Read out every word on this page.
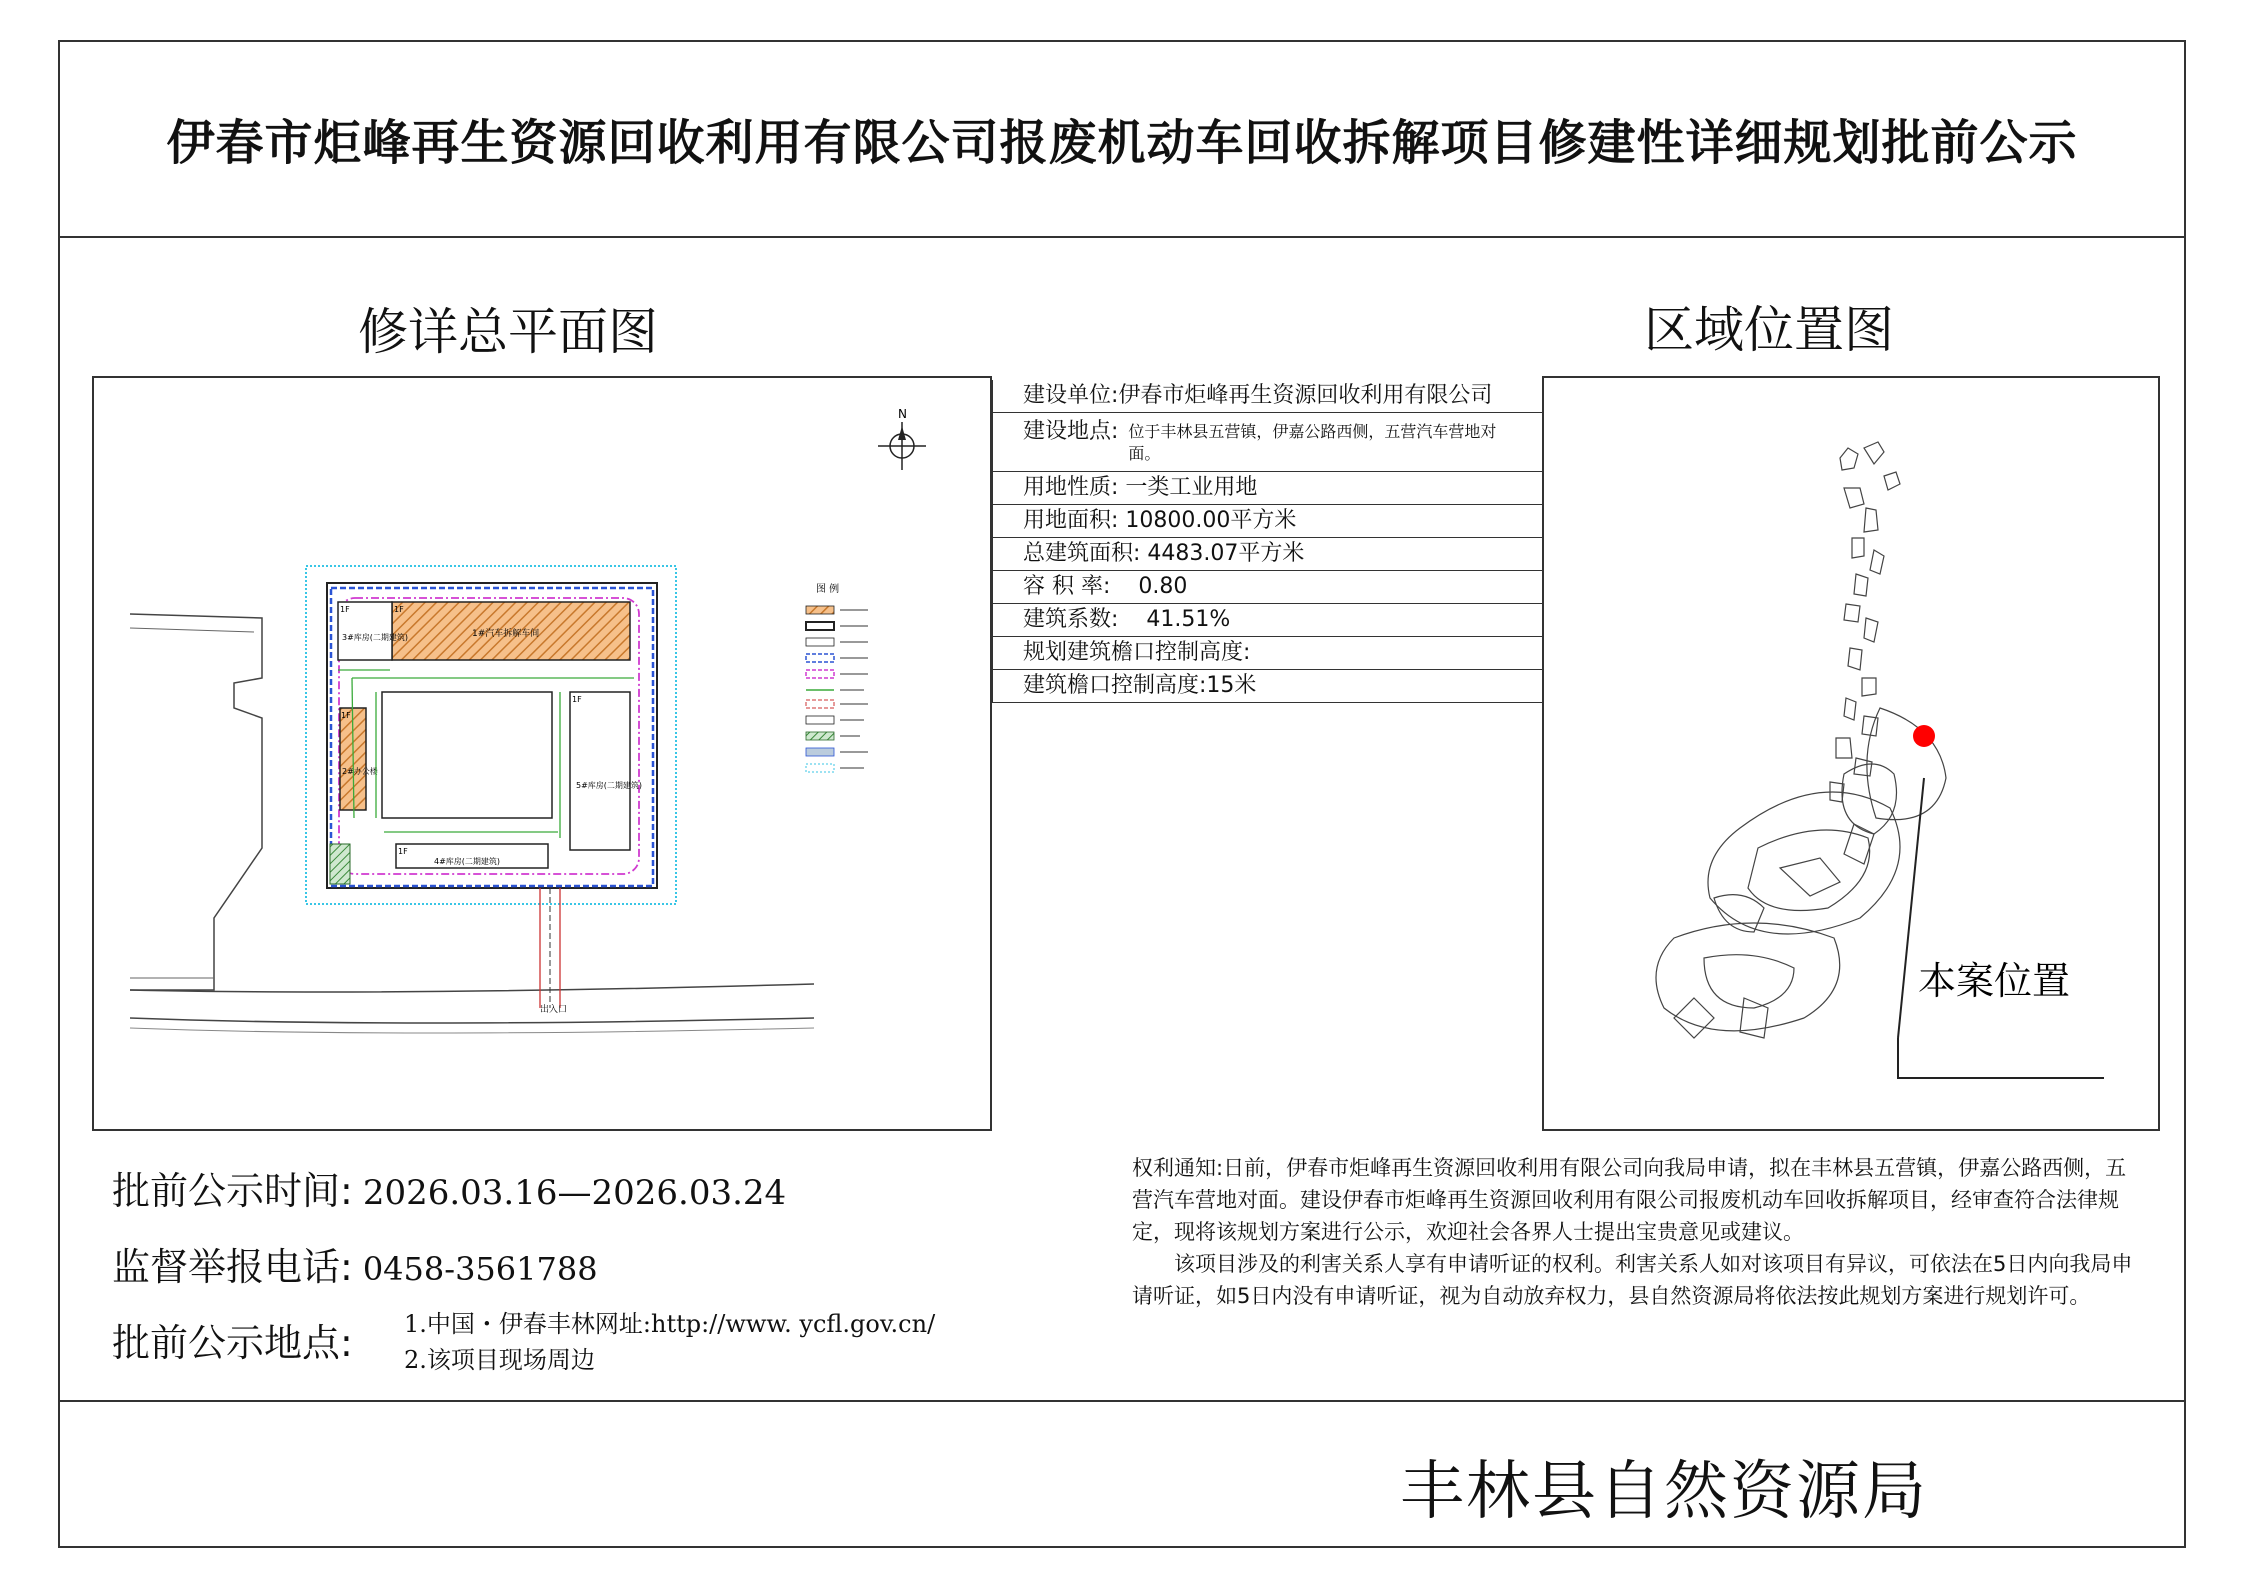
伊春市炬峰再生资源回收利用有限公司报废机动车回收拆解项目修建性详细规划批前公示
修详总平面图	区域位置图
N
1F
1#汽车拆解车间
1F
3#库房(二期建筑)
1F
2#办公楼
1F
5#库房(二期建筑)
1F
4#库房(二期建筑)
出入口
图 例
建设单位:伊春市炬峰再生资源回收利用有限公司
建设地点: 位于丰林县五营镇，伊嘉公路西侧，五营汽车营地对面。
用地性质: 一类工业用地
用地面积: 10800.00平方米
总建筑面积: 4483.07平方米
容 积 率: 0.80
建筑系数: 41.51%
规划建筑檐口控制高度:
建筑檐口控制高度:15米
本案位置
批前公示时间: 2026.03.16—2026.03.24
监督举报电话: 0458-3561788
批前公示地点: 1.中国・伊春丰林网址:http://www. ycfl.gov.cn/
2.该项目现场周边

权利通知:日前，伊春市炬峰再生资源回收利用有限公司向我局申请，拟在丰林县五营镇，伊嘉公路西侧，五营汽车营地对面。建设伊春市炬峰再生资源回收利用有限公司报废机动车回收拆解项目，经审查符合法律规定，现将该规划方案进行公示，欢迎社会各界人士提出宝贵意见或建议。

该项目涉及的利害关系人享有申请听证的权利。利害关系人如对该项目有异议，可依法在5日内向我局申请听证，如5日内没有申请听证，视为自动放弃权力，县自然资源局将依法按此规划方案进行规划许可。

丰林县自然资源局
